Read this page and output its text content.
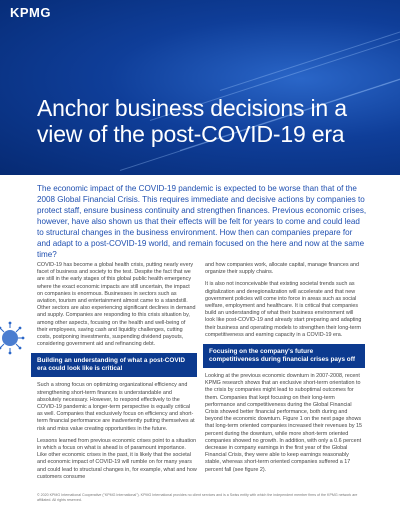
KPMG
Anchor business decisions in a view of the post-COVID-19 era

The economic impact of the COVID-19 pandemic is expected to be worse than that of the 2008 Global Financial Crisis. This requires immediate and decisive actions by companies to protect staff, ensure business continuity and strengthen finances. Previous economic crises, however, have also shown us that their effects will be felt for years to come and could lead to structural changes in the business environment. How then can companies prepare for and adapt to a post-COVID-19 world, and remain focused on the here and now at the same time?

COVID-19 has become a global health crisis, putting nearly every facet of business and society to the test. Despite the fact that we are still in the early stages of this global public health emergency where the exact economic impacts are still uncertain, the impact on companies is enormous. Businesses in sectors such as aviation, tourism and entertainment almost came to a standstill. Other sectors are also experiencing significant declines in demand and supply. Companies are responding to this crisis situation by, among other aspects, focusing on the health and well-being of their employees, saving cash and liquidity challenges, cutting costs, postponing investments, suspending dividend payouts, considering government aid and refinancing debt.

Building an understanding of what a post-COVID era could look like is critical

Such a strong focus on optimizing organizational efficiency and strengthening short-term finances is understandable and absolutely necessary. However, to respond effectively to the COVID-19 pandemic a longer-term perspective is equally critical as well. Companies that exclusively focus on efficiency and short-term financial performance are inadvertently putting themselves at risk and miss value creating opportunities in the future.

Lessons learned from previous economic crises point to a situation in which a focus on what is ahead is of paramount importance. Like other economic crises in the past, it is likely that the societal and economic impact of COVID-19 will rumble on for many years and could lead to structural changes in, for example, what and how customers consume

and how companies work, allocate capital, manage finances and organize their supply chains.

It is also not inconceivable that existing societal trends such as digitalization and deregionalization will accelerate and that new government policies will come into force in areas such as social welfare, employment and healthcare. It is critical that companies build an understanding of what their business environment will look like post-COVID-19 and already start preparing and adapting their business and operating models to strengthen their long-term competitiveness and earning capacity in a COVID-19 era.

Focusing on the company's future competitiveness during financial crises pays off

Looking at the previous economic downturn in 2007-2008, recent KPMG research shows that an exclusive short-term orientation to the crisis by companies might lead to suboptimal outcomes for them. Companies that kept focusing on their long-term performance and competitiveness during the Global Financial Crisis showed better financial performance, both during and beyond the economic downturn. Figure 1 on the next page shows that long-term oriented companies increased their revenues by 15 percent during the downturn, while more short-term oriented companies showed no growth. In addition, with only a 0.6 percent decrease in company earnings in the first year of the Global Financial Crisis, they were able to keep earnings reasonably stable, whereas short-term oriented companies suffered a 17 percent fall (see figure 2).

© 2020 KPMG International Cooperative ("KPMG International"). KPMG International provides no client services and is a Swiss entity with which the independent member firms of the KPMG network are affiliated. All rights reserved.
